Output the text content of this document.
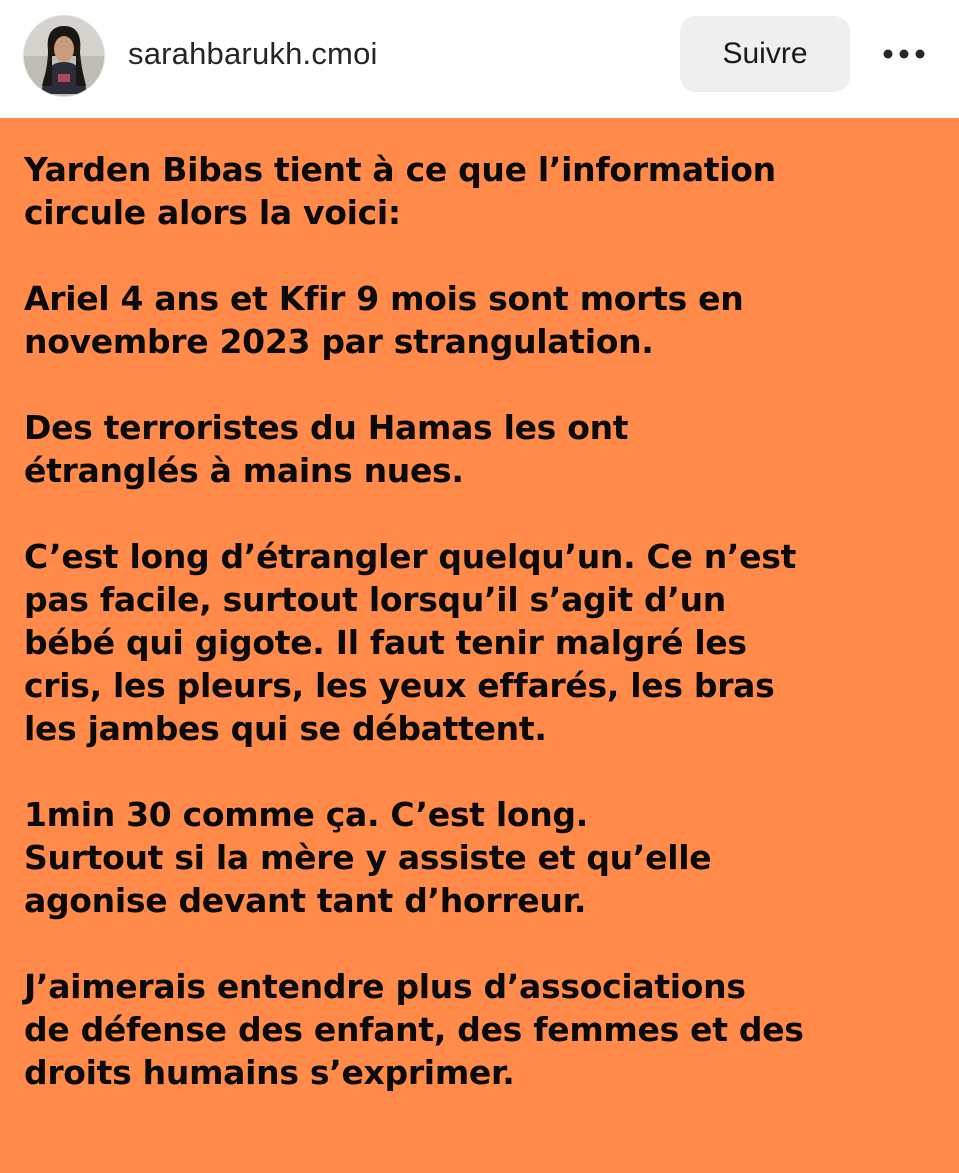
sarahbarukh.cmoi	Suivre

Yarden Bibas tient à ce que l’information
circule alors la voici:

Ariel 4 ans et Kfir 9 mois sont morts en
novembre 2023 par strangulation.

Des terroristes du Hamas les ont
étranglés à mains nues.

C’est long d’étrangler quelqu’un. Ce n’est
pas facile, surtout lorsqu’il s’agit d’un
bébé qui gigote. Il faut tenir malgré les
cris, les pleurs, les yeux effarés, les bras
les jambes qui se débattent.

1min 30 comme ça. C’est long.
Surtout si la mère y assiste et qu’elle
agonise devant tant d’horreur.

J’aimerais entendre plus d’associations
de défense des enfant, des femmes et des
droits humains s’exprimer.
